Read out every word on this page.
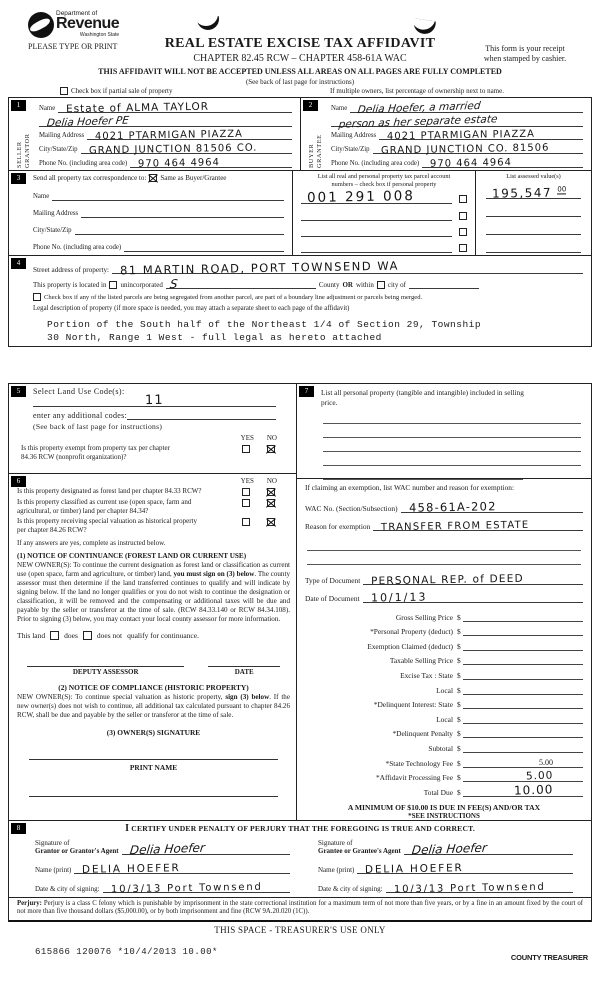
Department of
Revenue
Washington State
PLEASE TYPE OR PRINT	REAL ESTATE EXCISE TAX AFFIDAVIT
CHAPTER 82.45 RCW – CHAPTER 458-61A WAC
This form is your receipt
when stamped by cashier.
THIS AFFIDAVIT WILL NOT BE ACCEPTED UNLESS ALL AREAS ON ALL PAGES ARE FULLY COMPLETED
(See back of last page for instructions)
Check box if partial sale of property	If multiple owners, list percentage of ownership next to name.
1
SELLER GRANTOR
Name Estate of ALMA TAYLOR
Delia Hoefer PE
Mailing Address	4021 PTARMIGAN PIAZZA
City/State/Zip	GRAND JUNCTION 81506 CO.
Phone No. (including area code)	970 464 4964
2
BUYER GRANTEE
Name Delia Hoefer, a married
person as her separate estate
Mailing Address	4021 PTARMIGAN PIAZZA
City/State/Zip	GRAND JUNCTION CO. 81506
Phone No. (including area code)	970 464 4964
3	Send all property tax correspondence to: Same as Buyer/Grantee
Name
Mailing Address
City/State/Zip
Phone No. (including area code)
List all real and personal property tax parcel account
numbers – check box if personal property
001 291 008
List assessed value(s)
195,547 $^{00}$
4
Street address of property: 81 MARTIN ROAD, PORT TOWNSEND WA
This property is located in unincorporated S	County OR within city of
Check box if any of the listed parcels are being segregated from another parcel, are part of a boundary line adjustment or parcels being merged.
Legal description of property (if more space is needed, you may attach a separate sheet to each page of the affidavit)
Portion of the South half of the Northeast 1/4 of Section 29, Township
30 North, Range 1 West - full legal as hereto attached
5	Select Land Use Code(s):
11
enter any additional codes:
(See back of last page for instructions)
YES NO
Is this property exempt from property tax per chapter
84.36 RCW (nonprofit organization)?
6	YES NO
Is this property designated as forest land per chapter 84.33 RCW?
Is this property classified as current use (open space, farm and
agricultural, or timber) land per chapter 84.34?
Is this property receiving special valuation as historical property
per chapter 84.26 RCW?
If any answers are yes, complete as instructed below.
(1) NOTICE OF CONTINUANCE (FOREST LAND OR CURRENT USE)
NEW OWNER(S): To continue the current designation as forest land or classification as current use (open space, farm and agriculture, or timber) land, you must sign on (3) below. The county assessor must then determine if the land transferred continues to qualify and will indicate by signing below. If the land no longer qualifies or you do not wish to continue the designation or classification, it will be removed and the compensating or additional taxes will be due and payable by the seller or transferor at the time of sale. (RCW 84.33.140 or RCW 84.34.108). Prior to signing (3) below, you may contact your local county assessor for more information.
This land	does	does not qualify for continuance.
DEPUTY ASSESSOR	DATE
(2) NOTICE OF COMPLIANCE (HISTORIC PROPERTY)
NEW OWNER(S): To continue special valuation as historic property, sign (3) below. If the new owner(s) does not wish to continue, all additional tax calculated pursuant to chapter 84.26 RCW, shall be due and payable by the seller or transferor at the time of sale.
(3) OWNER(S) SIGNATURE
PRINT NAME
7	List all personal property (tangible and intangible) included in selling
price.
If claiming an exemption, list WAC number and reason for exemption:
WAC No. (Section/Subsection) 458-61A-202
Reason for exemption	TRANSFER FROM ESTATE
Type of Document PERSONAL REP. of DEED
Date of Document 10/1/13
Gross Selling Price $
*Personal Property (deduct) $
Exemption Claimed (deduct) $
Taxable Selling Price $
Excise Tax : State $
Local $
*Delinquent Interest: State $
Local $
*Delinquent Penalty $
Subtotal $
*State Technology Fee $	5.00
*Affidavit Processing Fee $	5.00
Total Due $	10.00
A MINIMUM OF $10.00 IS DUE IN FEE(S) AND/OR TAX
*SEE INSTRUCTIONS
8	I CERTIFY UNDER PENALTY OF PERJURY THAT THE FOREGOING IS TRUE AND CORRECT.
Signature of
Grantor or Grantor's Agent Delia Hoefer
Name (print) DELIA HOEFER
Date & city of signing:	10/3/13 Port Townsend
Signature of
Grantee or Grantee's Agent Delia Hoefer
Name (print) DELIA HOEFER
Date & city of signing:	10/3/13 Port Townsend
Perjury: Perjury is a class C felony which is punishable by imprisonment in the state correctional institution for a maximum term of not more than five years, or by a fine in an amount fixed by the court of not more than five thousand dollars ($5,000.00), or by both imprisonment and fine (RCW 9A.20.020 (1C)).
THIS SPACE - TREASURER'S USE ONLY
615866 120076 *10/4/2013 10.00*
COUNTY TREASURER
